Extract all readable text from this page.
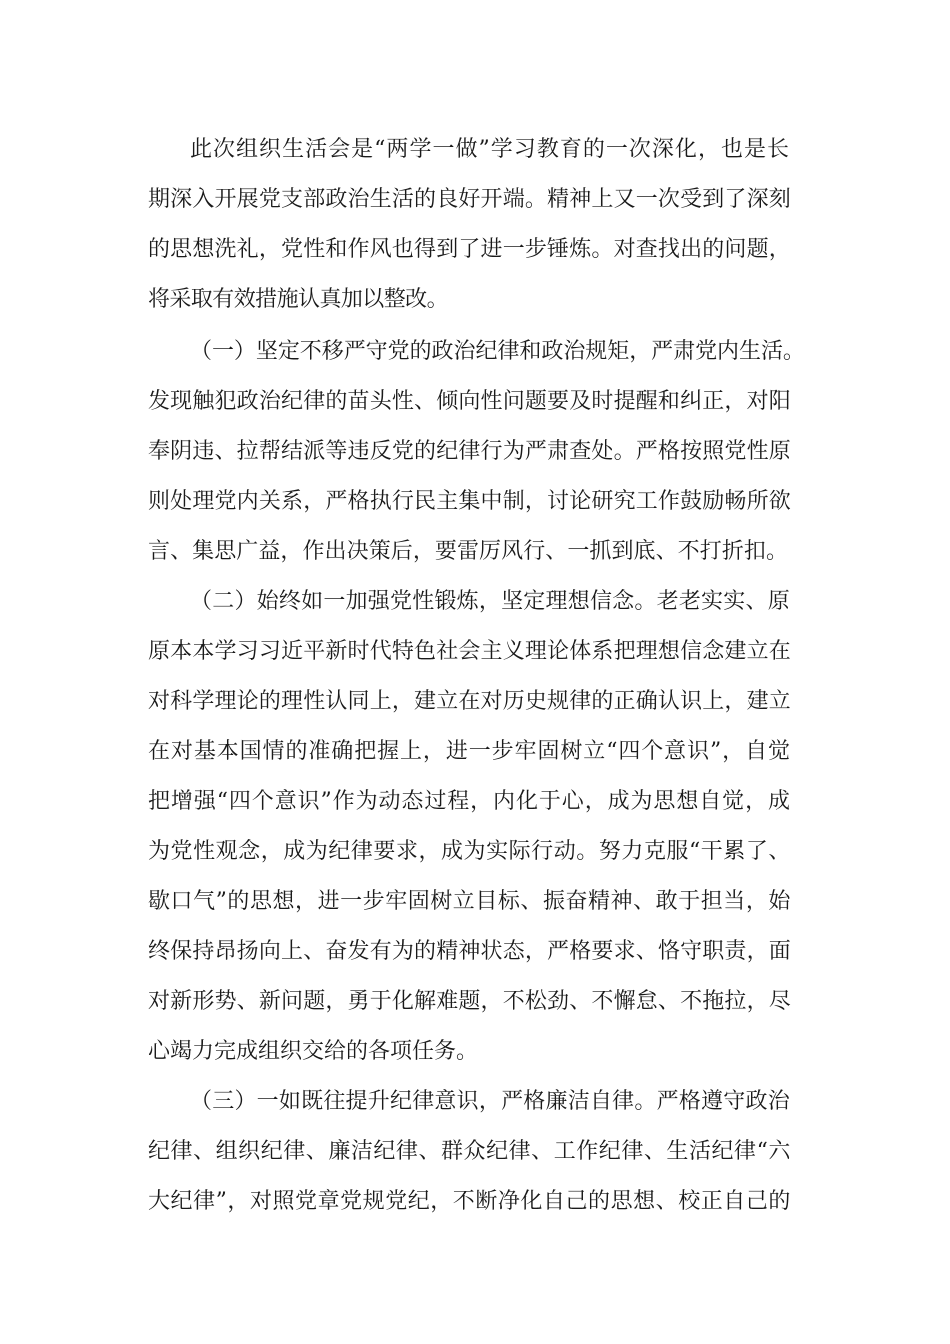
此次组织生活会是“两学一做”学习教育的一次深化，也是长
期深入开展党支部政治生活的良好开端。精神上又一次受到了深刻
的思想洗礼，党性和作风也得到了进一步锤炼。对查找出的问题，
将采取有效措施认真加以整改。
（一）坚定不移严守党的政治纪律和政治规矩，严肃党内生活。
发现触犯政治纪律的苗头性、倾向性问题要及时提醒和纠正，对阳
奉阴违、拉帮结派等违反党的纪律行为严肃查处。严格按照党性原
则处理党内关系，严格执行民主集中制，讨论研究工作鼓励畅所欲
言、集思广益，作出决策后，要雷厉风行、一抓到底、不打折扣。
（二）始终如一加强党性锻炼，坚定理想信念。老老实实、原
原本本学习习近平新时代特色社会主义理论体系把理想信念建立在
对科学理论的理性认同上，建立在对历史规律的正确认识上，建立
在对基本国情的准确把握上，进一步牢固树立“四个意识”，自觉
把增强“四个意识”作为动态过程，内化于心，成为思想自觉，成
为党性观念，成为纪律要求，成为实际行动。努力克服“干累了、
歇口气”的思想，进一步牢固树立目标、振奋精神、敢于担当，始
终保持昂扬向上、奋发有为的精神状态，严格要求、恪守职责，面
对新形势、新问题，勇于化解难题，不松劲、不懈怠、不拖拉，尽
心竭力完成组织交给的各项任务。
（三）一如既往提升纪律意识，严格廉洁自律。严格遵守政治
纪律、组织纪律、廉洁纪律、群众纪律、工作纪律、生活纪律“六
大纪律”，对照党章党规党纪，不断净化自己的思想、校正自己的
